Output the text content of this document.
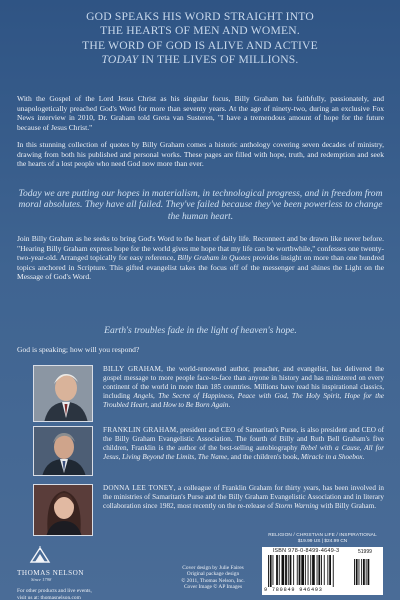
GOD SPEAKS HIS WORD STRAIGHT INTO
THE HEARTS OF MEN AND WOMEN.
THE WORD OF GOD IS ALIVE AND ACTIVE
TODAY IN THE LIVES OF MILLIONS.

With the Gospel of the Lord Jesus Christ as his singular focus, Billy Graham has faithfully, passionately, and unapologetically preached God's Word for more than seventy years. At the age of ninety-two, during an exclusive Fox News interview in 2010, Dr. Graham told Greta van Susteren, "I have a tremendous amount of hope for the future because of Jesus Christ."

In this stunning collection of quotes by Billy Graham comes a historic anthology covering seven decades of ministry, drawing from both his published and personal works. These pages are filled with hope, truth, and redemption and seek the hearts of a lost people who need God now more than ever.

Today we are putting our hopes in materialism, in technological progress, and in freedom from moral absolutes. They have all failed. They've failed because they've been powerless to change the human heart.

Join Billy Graham as he seeks to bring God's Word to the heart of daily life. Reconnect and be drawn like never before. "Hearing Billy Graham express hope for the world gives me hope that my life can be worthwhile," confesses one twenty-two-year-old. Arranged topically for easy reference, Billy Graham in Quotes provides insight on more than one hundred topics anchored in Scripture. This gifted evangelist takes the focus off of the messenger and shines the Light on the Message of God's Word.

Earth's troubles fade in the light of heaven's hope.

God is speaking; how will you respond?

BILLY GRAHAM, the world-renowned author, preacher, and evangelist, has delivered the gospel message to more people face-to-face than anyone in history and has ministered on every continent of the world in more than 185 countries. Millions have read his inspirational classics, including Angels, The Secret of Happiness, Peace with God, The Holy Spirit, Hope for the Troubled Heart, and How to Be Born Again.
FRANKLIN GRAHAM, president and CEO of Samaritan's Purse, is also president and CEO of the Billy Graham Evangelistic Association. The fourth of Billy and Ruth Bell Graham's five children, Franklin is the author of the best-selling autobiography Rebel with a Cause, All for Jesus, Living Beyond the Limits, The Name, and the children's book, Miracle in a Shoebox.
DONNA LEE TONEY, a colleague of Franklin Graham for thirty years, has been involved in the ministries of Samaritan's Purse and the Billy Graham Evangelistic Association and in literary collaboration since 1982, most recently on the re-release of Storm Warning with Billy Graham.
THOMAS NELSON
Since 1798
For other products and live events,
visit us at: thomasnelson.com
Cover design by Julie Faires
Original package design
© 2011, Thomas Nelson, Inc.
Cover Image © AP Images
RELIGION / CHRISTIAN LIFE / INSPIRATIONAL
$19.99 US | $24.99 CN
ISBN 978-0-8499-4649-3	51999
9 780849 946493
